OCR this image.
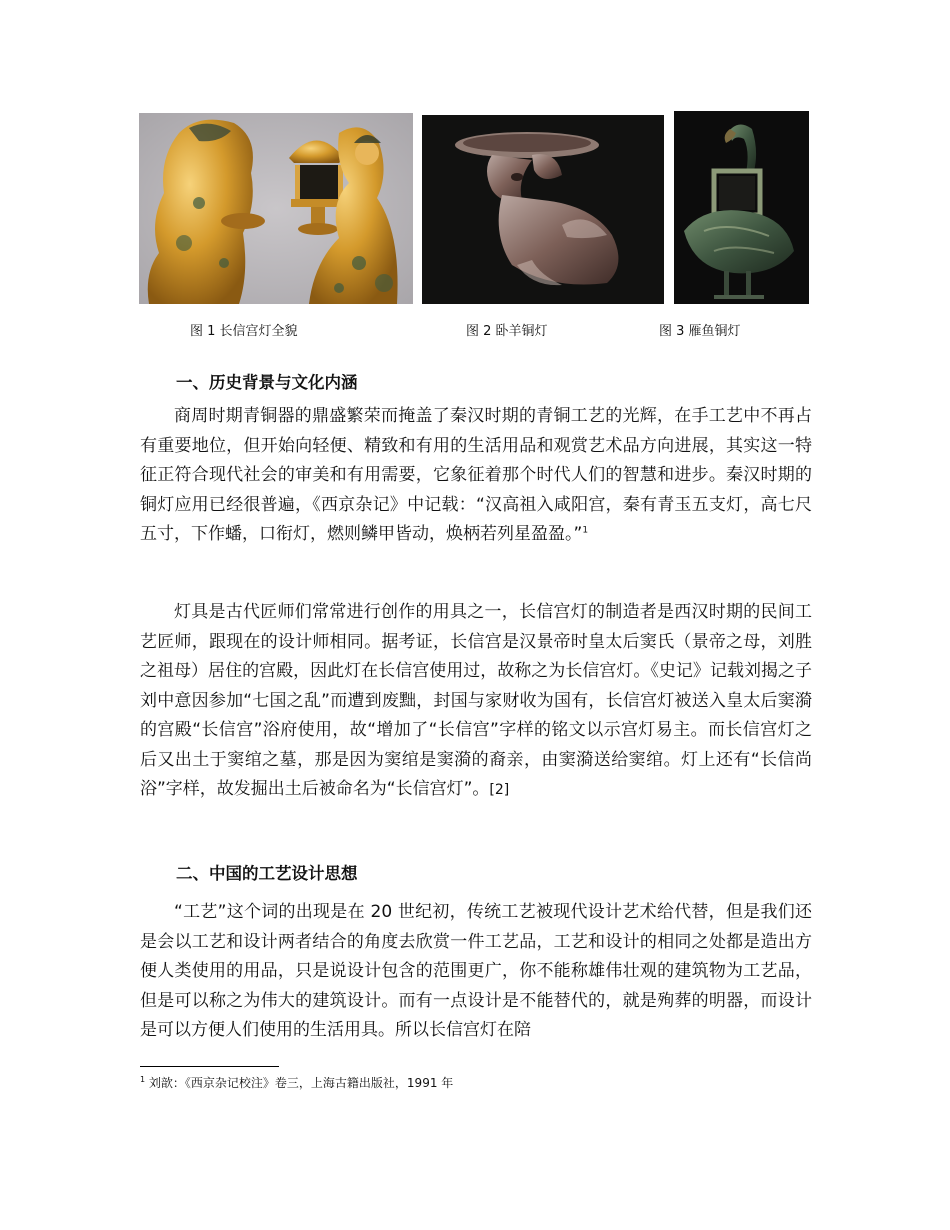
图 1 长信宫灯全貌	图 2 卧羊铜灯	图 3 雁鱼铜灯
一、历史背景与文化内涵

商周时期青铜器的鼎盛繁荣而掩盖了秦汉时期的青铜工艺的光辉，在手工艺中不再占有重要地位，但开始向轻便、精致和有用的生活用品和观赏艺术品方向进展，其实这一特征正符合现代社会的审美和有用需要，它象征着那个时代人们的智慧和进步。秦汉时期的铜灯应用已经很普遍，《西京杂记》中记载：“汉高祖入咸阳宫，秦有青玉五支灯，高七尺五寸，下作蟠，口衔灯，燃则鳞甲皆动，焕柄若列星盈盈。”$^1$

灯具是古代匠师们常常进行创作的用具之一，长信宫灯的制造者是西汉时期的民间工艺匠师，跟现在的设计师相同。据考证，长信宫是汉景帝时皇太后窦氏（景帝之母，刘胜之祖母）居住的宫殿，因此灯在长信宫使用过，故称之为长信宫灯。《史记》记载刘揭之子刘中意因参加“七国之乱”而遭到废黜，封国与家财收为国有，长信宫灯被送入皇太后窦漪的宫殿“长信宫”浴府使用，故“增加了“长信宫”字样的铭文以示宫灯易主。而长信宫灯之后又出土于窦绾之墓，那是因为窦绾是窦漪的裔亲，由窦漪送给窦绾。灯上还有“长信尚浴”字样，故发掘出土后被命名为“长信宫灯”。[2]

二、中国的工艺设计思想

“工艺”这个词的出现是在 20 世纪初，传统工艺被现代设计艺术给代替，但是我们还是会以工艺和设计两者结合的角度去欣赏一件工艺品，工艺和设计的相同之处都是造出方便人类使用的用品，只是说设计包含的范围更广，你不能称雄伟壮观的建筑物为工艺品，但是可以称之为伟大的建筑设计。而有一点设计是不能替代的，就是殉葬的明器，而设计是可以方便人们使用的生活用具。所以长信宫灯在陪

$^1$ 刘歆：《西京杂记校注》卷三，上海古籍出版社，1991 年
